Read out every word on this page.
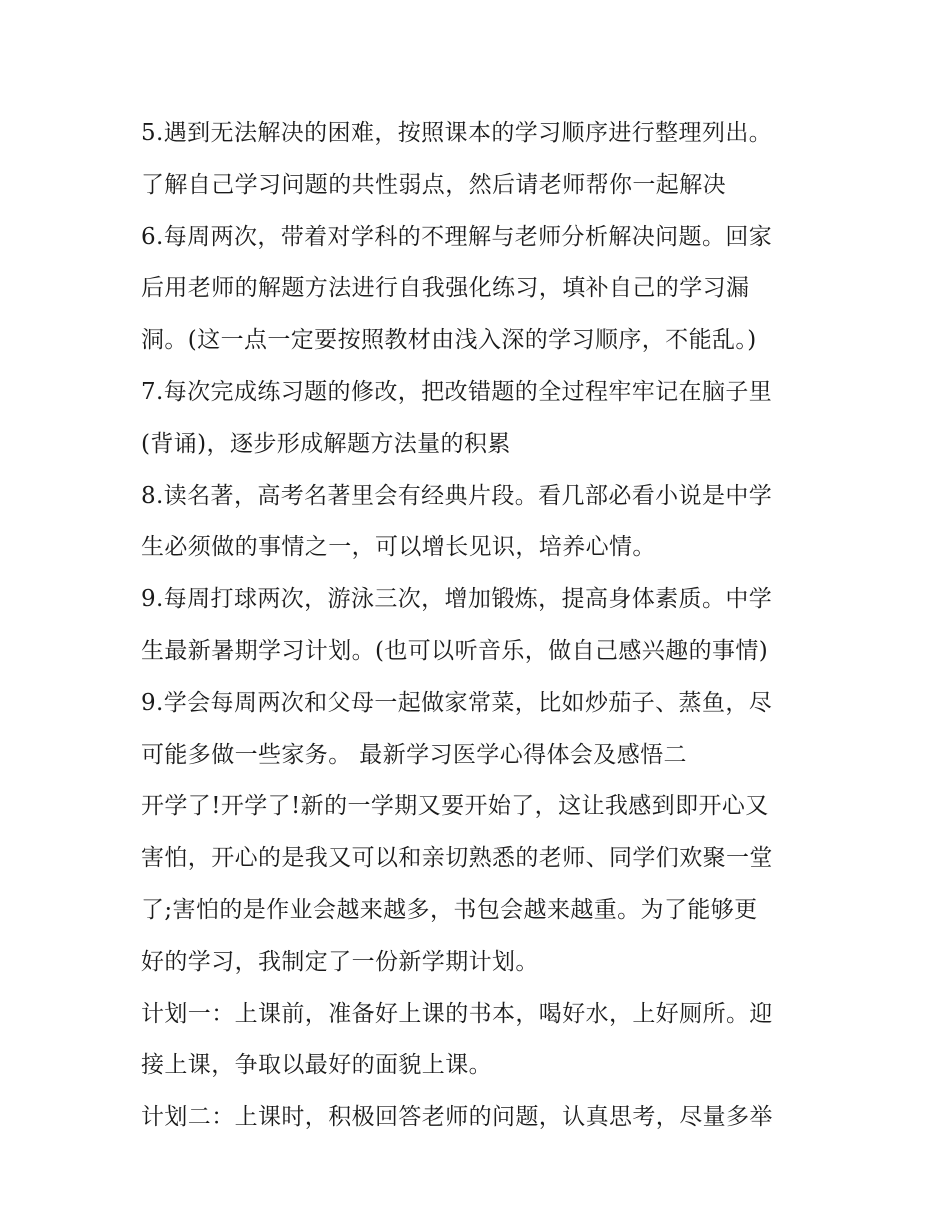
5.遇到无法解决的困难，按照课本的学习顺序进行整理列出。
了解自己学习问题的共性弱点，然后请老师帮你一起解决
6.每周两次，带着对学科的不理解与老师分析解决问题。回家
后用老师的解题方法进行自我强化练习，填补自己的学习漏
洞。(这一点一定要按照教材由浅入深的学习顺序，不能乱。)
7.每次完成练习题的修改，把改错题的全过程牢牢记在脑子里
(背诵)，逐步形成解题方法量的积累
8.读名著，高考名著里会有经典片段。看几部必看小说是中学
生必须做的事情之一，可以增长见识，培养心情。
9.每周打球两次，游泳三次，增加锻炼，提高身体素质。中学
生最新暑期学习计划。(也可以听音乐，做自己感兴趣的事情)
9.学会每周两次和父母一起做家常菜，比如炒茄子、蒸鱼，尽
可能多做一些家务。 最新学习医学心得体会及感悟二
开学了!开学了!新的一学期又要开始了，这让我感到即开心又
害怕，开心的是我又可以和亲切熟悉的老师、同学们欢聚一堂
了;害怕的是作业会越来越多，书包会越来越重。为了能够更
好的学习，我制定了一份新学期计划。
计划一：上课前，准备好上课的书本，喝好水，上好厕所。迎
接上课，争取以最好的面貌上课。
计划二：上课时，积极回答老师的问题，认真思考，尽量多举
